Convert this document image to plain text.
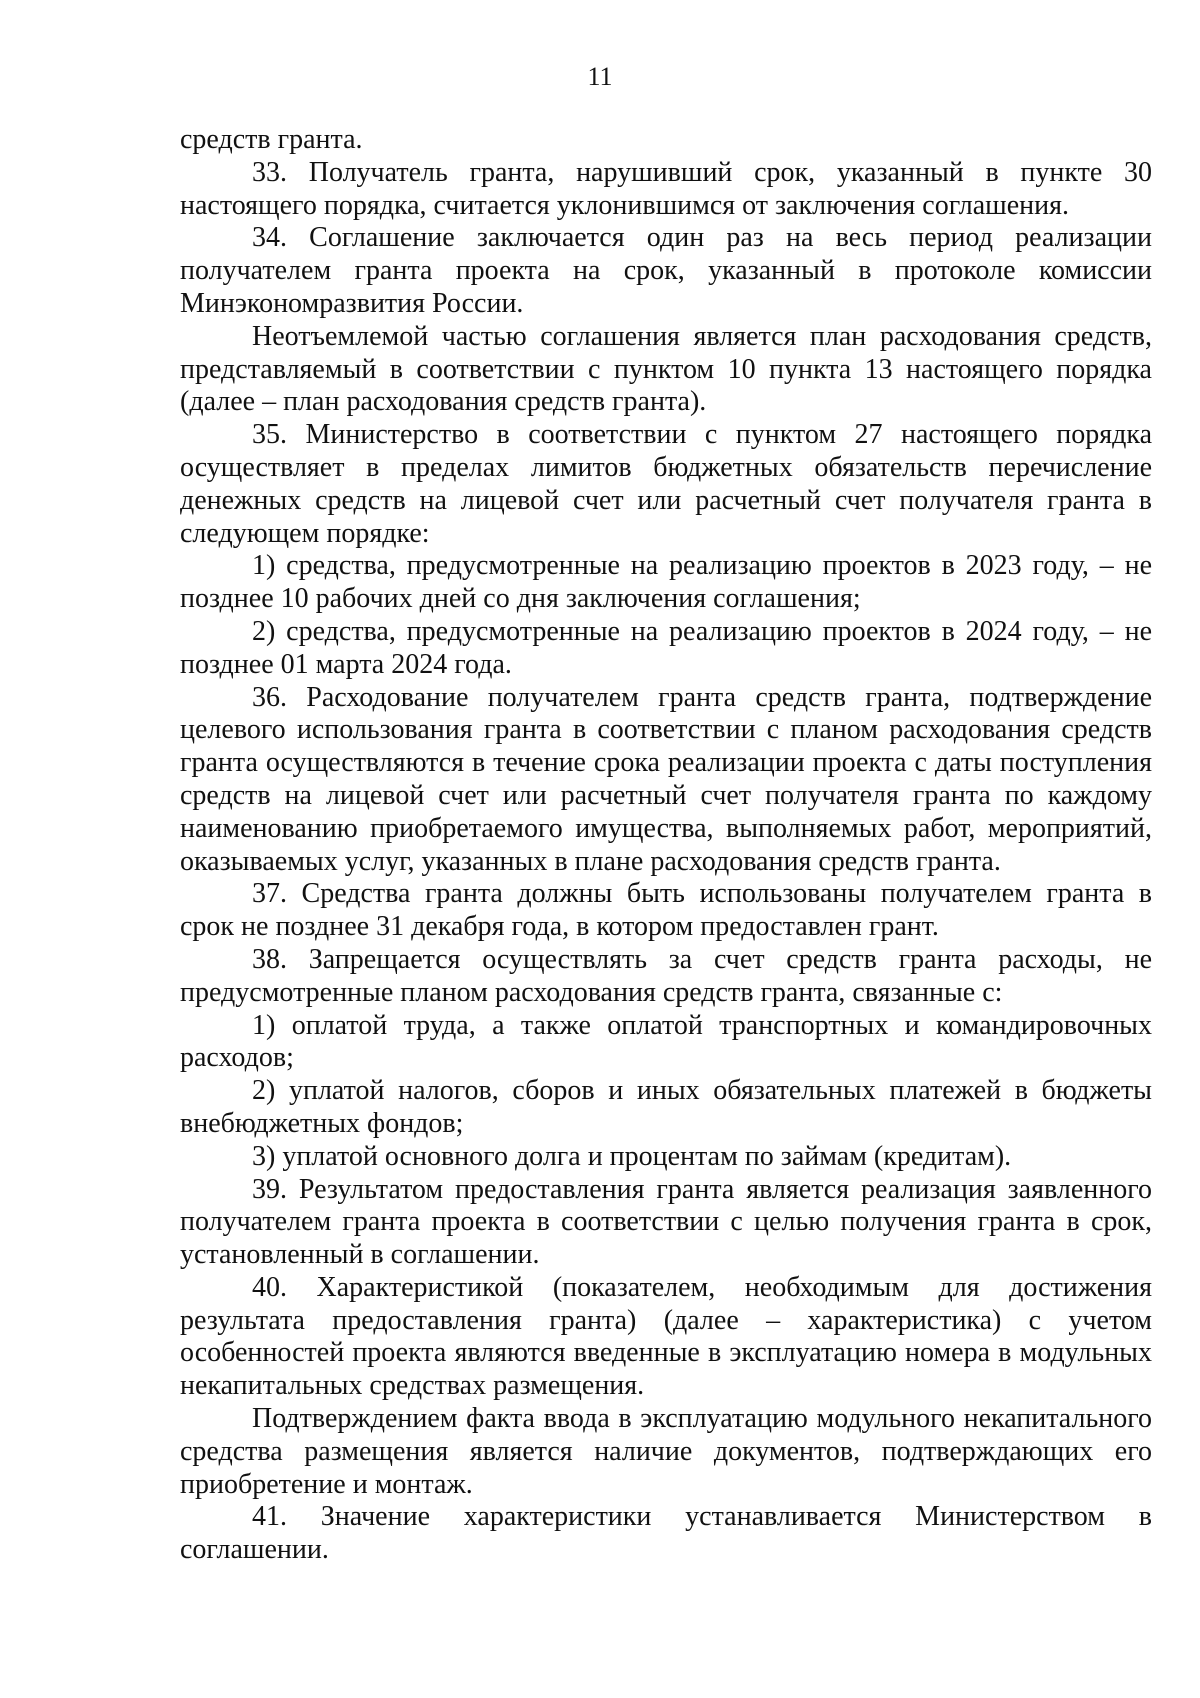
11

средств гранта.

33. Получатель гранта, нарушивший срок, указанный в пункте 30 настоящего порядка, считается уклонившимся от заключения соглашения.

34. Соглашение заключается один раз на весь период реализации получателем гранта проекта на срок, указанный в протоколе комиссии Минэкономразвития России.

Неотъемлемой частью соглашения является план расходования средств, представляемый в соответствии с пунктом 10 пункта 13 настоящего порядка (далее – план расходования средств гранта).

35. Министерство в соответствии с пунктом 27 настоящего порядка осуществляет в пределах лимитов бюджетных обязательств перечисление денежных средств на лицевой счет или расчетный счет получателя гранта в следующем порядке:

1) средства, предусмотренные на реализацию проектов в 2023 году, – не позднее 10 рабочих дней со дня заключения соглашения;

2) средства, предусмотренные на реализацию проектов в 2024 году, – не позднее 01 марта 2024 года.

36. Расходование получателем гранта средств гранта, подтверждение целевого использования гранта в соответствии с планом расходования средств гранта осуществляются в течение срока реализации проекта с даты поступления средств на лицевой счет или расчетный счет получателя гранта по каждому наименованию приобретаемого имущества, выполняемых работ, мероприятий, оказываемых услуг, указанных в плане расходования средств гранта.

37. Средства гранта должны быть использованы получателем гранта в срок не позднее 31 декабря года, в котором предоставлен грант.

38. Запрещается осуществлять за счет средств гранта расходы, не предусмотренные планом расходования средств гранта, связанные с:

1) оплатой труда, а также оплатой транспортных и командировочных расходов;

2) уплатой налогов, сборов и иных обязательных платежей в бюджеты внебюджетных фондов;

3) уплатой основного долга и процентам по займам (кредитам).

39. Результатом предоставления гранта является реализация заявленного получателем гранта проекта в соответствии с целью получения гранта в срок, установленный в соглашении.

40. Характеристикой (показателем, необходимым для достижения результата предоставления гранта) (далее – характеристика) с учетом особенностей проекта являются введенные в эксплуатацию номера в модульных некапитальных средствах размещения.

Подтверждением факта ввода в эксплуатацию модульного некапитального средства размещения является наличие документов, подтверждающих его приобретение и монтаж.

41. Значение характеристики устанавливается Министерством в соглашении.
